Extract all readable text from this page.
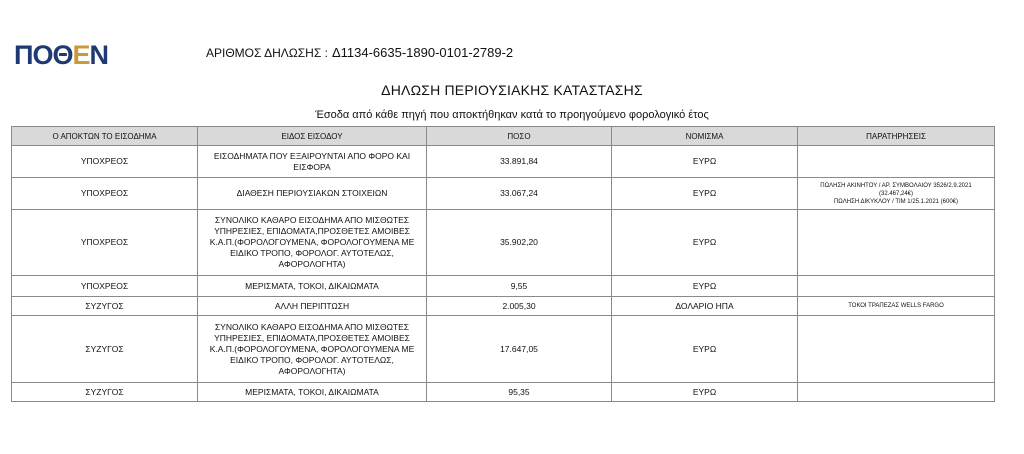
ΠΟΘΕΝ	ΑΡΙΘΜΟΣ ΔΗΛΩΣΗΣ : Δ1134-6635-1890-0101-2789-2
ΔΗΛΩΣΗ ΠΕΡΙΟΥΣΙΑΚΗΣ ΚΑΤΑΣΤΑΣΗΣ
Έσοδα από κάθε πηγή που αποκτήθηκαν κατά το προηγούμενο φορολογικό έτος
Ο ΑΠΟΚΤΩΝ ΤΟ ΕΙΣΟΔΗΜΑ	ΕΙΔΟΣ ΕΙΣΟΔΟΥ	ΠΟΣΟ	ΝΟΜΙΣΜΑ	ΠΑΡΑΤΗΡΗΣΕΙΣ
ΥΠΟΧΡΕΟΣ	ΕΙΣΟΔΗΜΑΤΑ ΠΟΥ ΕΞΑΙΡΟΥΝΤΑΙ ΑΠΟ ΦΟΡΟ ΚΑΙ ΕΙΣΦΟΡΑ	33.891,84	ΕΥΡΩ	
ΥΠΟΧΡΕΟΣ	ΔΙΑΘΕΣΗ ΠΕΡΙΟΥΣΙΑΚΩΝ ΣΤΟΙΧΕΙΩΝ	33.067,24	ΕΥΡΩ	ΠΩΛΗΣΗ ΑΚΙΝΗΤΟΥ / ΑΡ. ΣΥΜΒΟΛΑΙΟΥ 3526/2.9.2021
(32.467,24€)
ΠΩΛΗΣΗ ΔΙΚΥΚΛΟΥ / ΤΙΜ 1/25.1.2021 (600€)

ΥΠΟΧΡΕΟΣ	ΣΥΝΟΛΙΚΟ ΚΑΘΑΡΟ ΕΙΣΟΔΗΜΑ ΑΠΟ ΜΙΣΘΩΤΕΣ ΥΠΗΡΕΣΙΕΣ, ΕΠΙΔΟΜΑΤΑ,ΠΡΟΣΘΕΤΕΣ ΑΜΟΙΒΕΣ Κ.Α.Π.(ΦΟΡΟΛΟΓΟΥΜΕΝΑ, ΦΟΡΟΛΟΓΟΥΜΕΝΑ ΜΕ ΕΙΔΙΚΟ ΤΡΟΠΟ, ΦΟΡΟΛΟΓ. ΑΥΤΟΤΕΛΩΣ, ΑΦΟΡΟΛΟΓΗΤΑ)	35.902,20	ΕΥΡΩ	
ΥΠΟΧΡΕΟΣ	ΜΕΡΙΣΜΑΤΑ, ΤΟΚΟΙ, ΔΙΚΑΙΩΜΑΤΑ	9,55	ΕΥΡΩ	
ΣΥΖΥΓΟΣ	ΑΛΛΗ ΠΕΡΙΠΤΩΣΗ	2.005,30	ΔΟΛΑΡΙΟ ΗΠΑ	ΤΟΚΟΙ ΤΡΑΠΕΖΑΣ WELLS FARGO
ΣΥΖΥΓΟΣ	ΣΥΝΟΛΙΚΟ ΚΑΘΑΡΟ ΕΙΣΟΔΗΜΑ ΑΠΟ ΜΙΣΘΩΤΕΣ ΥΠΗΡΕΣΙΕΣ, ΕΠΙΔΟΜΑΤΑ,ΠΡΟΣΘΕΤΕΣ ΑΜΟΙΒΕΣ Κ.Α.Π.(ΦΟΡΟΛΟΓΟΥΜΕΝΑ, ΦΟΡΟΛΟΓΟΥΜΕΝΑ ΜΕ ΕΙΔΙΚΟ ΤΡΟΠΟ, ΦΟΡΟΛΟΓ. ΑΥΤΟΤΕΛΩΣ, ΑΦΟΡΟΛΟΓΗΤΑ)	17.647,05	ΕΥΡΩ	
ΣΥΖΥΓΟΣ	ΜΕΡΙΣΜΑΤΑ, ΤΟΚΟΙ, ΔΙΚΑΙΩΜΑΤΑ	95,35	ΕΥΡΩ	
